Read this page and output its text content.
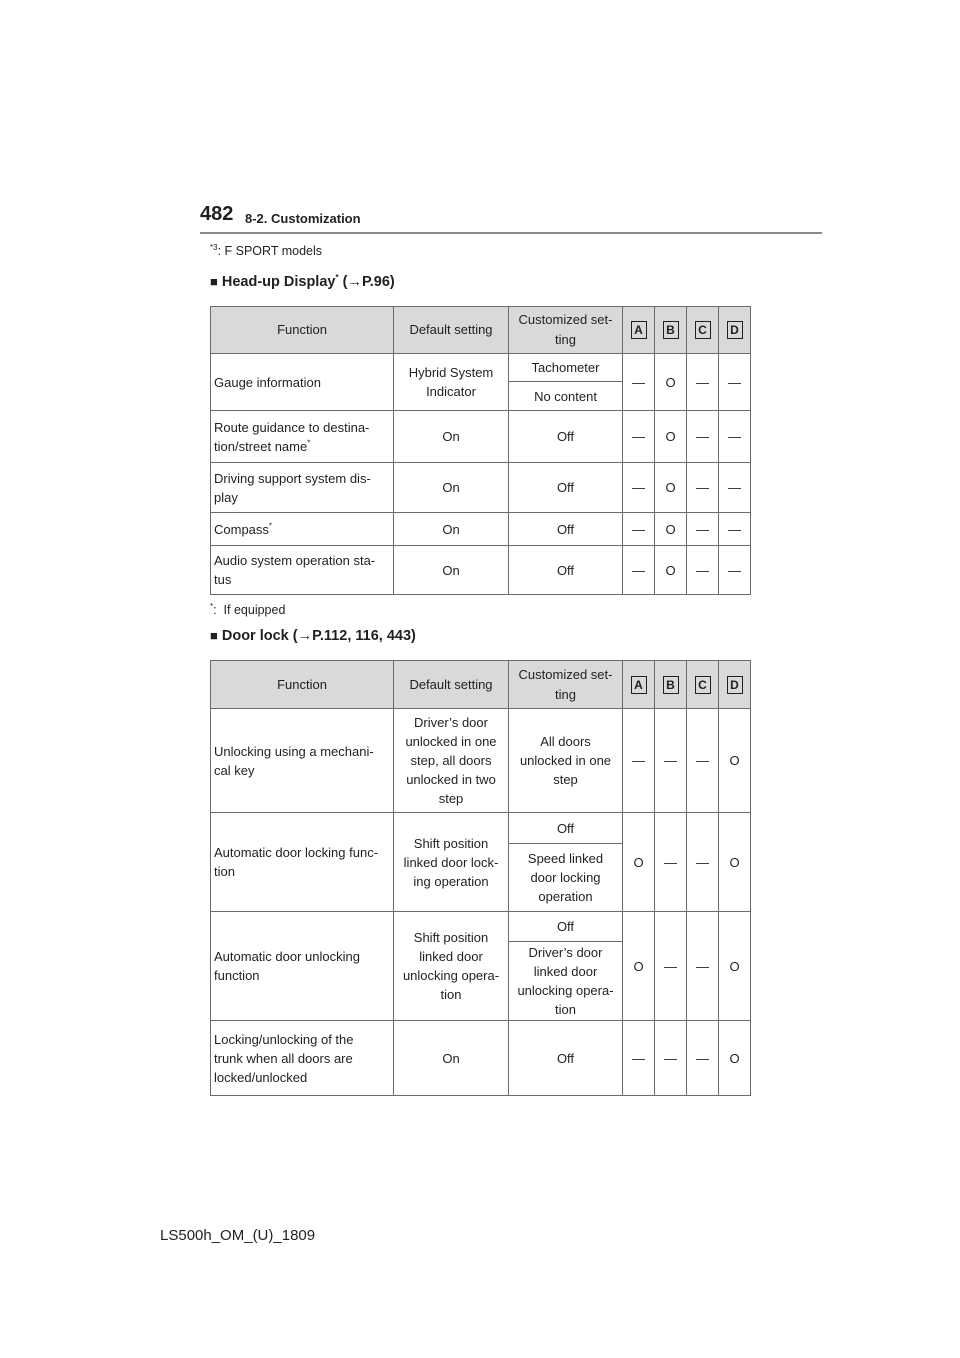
482 8-2. Customization
$^{*3}$: F SPORT models
■ Head-up Display* (→P.96)
Function	Default setting	Customized set-
ting	A	B	C	D
Gauge information	Hybrid System
Indicator	Tachometer	—	O	—	—
		No content				
Route guidance to destina-
tion/street name*	On	Off	—	O	—	—
Driving support system dis-
play	On	Off	—	O	—	—
Compass*	On	Off	—	O	—	—
Audio system operation sta-
tus	On	Off	—	O	—	—
*:  If equipped
■ Door lock (→P.112, 116, 443)
Function	Default setting	Customized set-
ting	A	B	C	D
Unlocking using a mechani-
cal key	Driver’s door
unlocked in one
step, all doors
unlocked in two
step	All doors
unlocked in one
step	—	—	—	O
Automatic door locking func-
tion	Shift position
linked door lock-
ing operation	Off	O	—	—	O
		Speed linked
door locking
operation				
Automatic door unlocking
function	Shift position
linked door
unlocking opera-
tion	Off	O	—	—	O
		Driver’s door
linked door
unlocking opera-
tion				
Locking/unlocking of the
trunk when all doors are
locked/unlocked	On	Off	—	—	—	O
LS500h_OM_(U)_1809
